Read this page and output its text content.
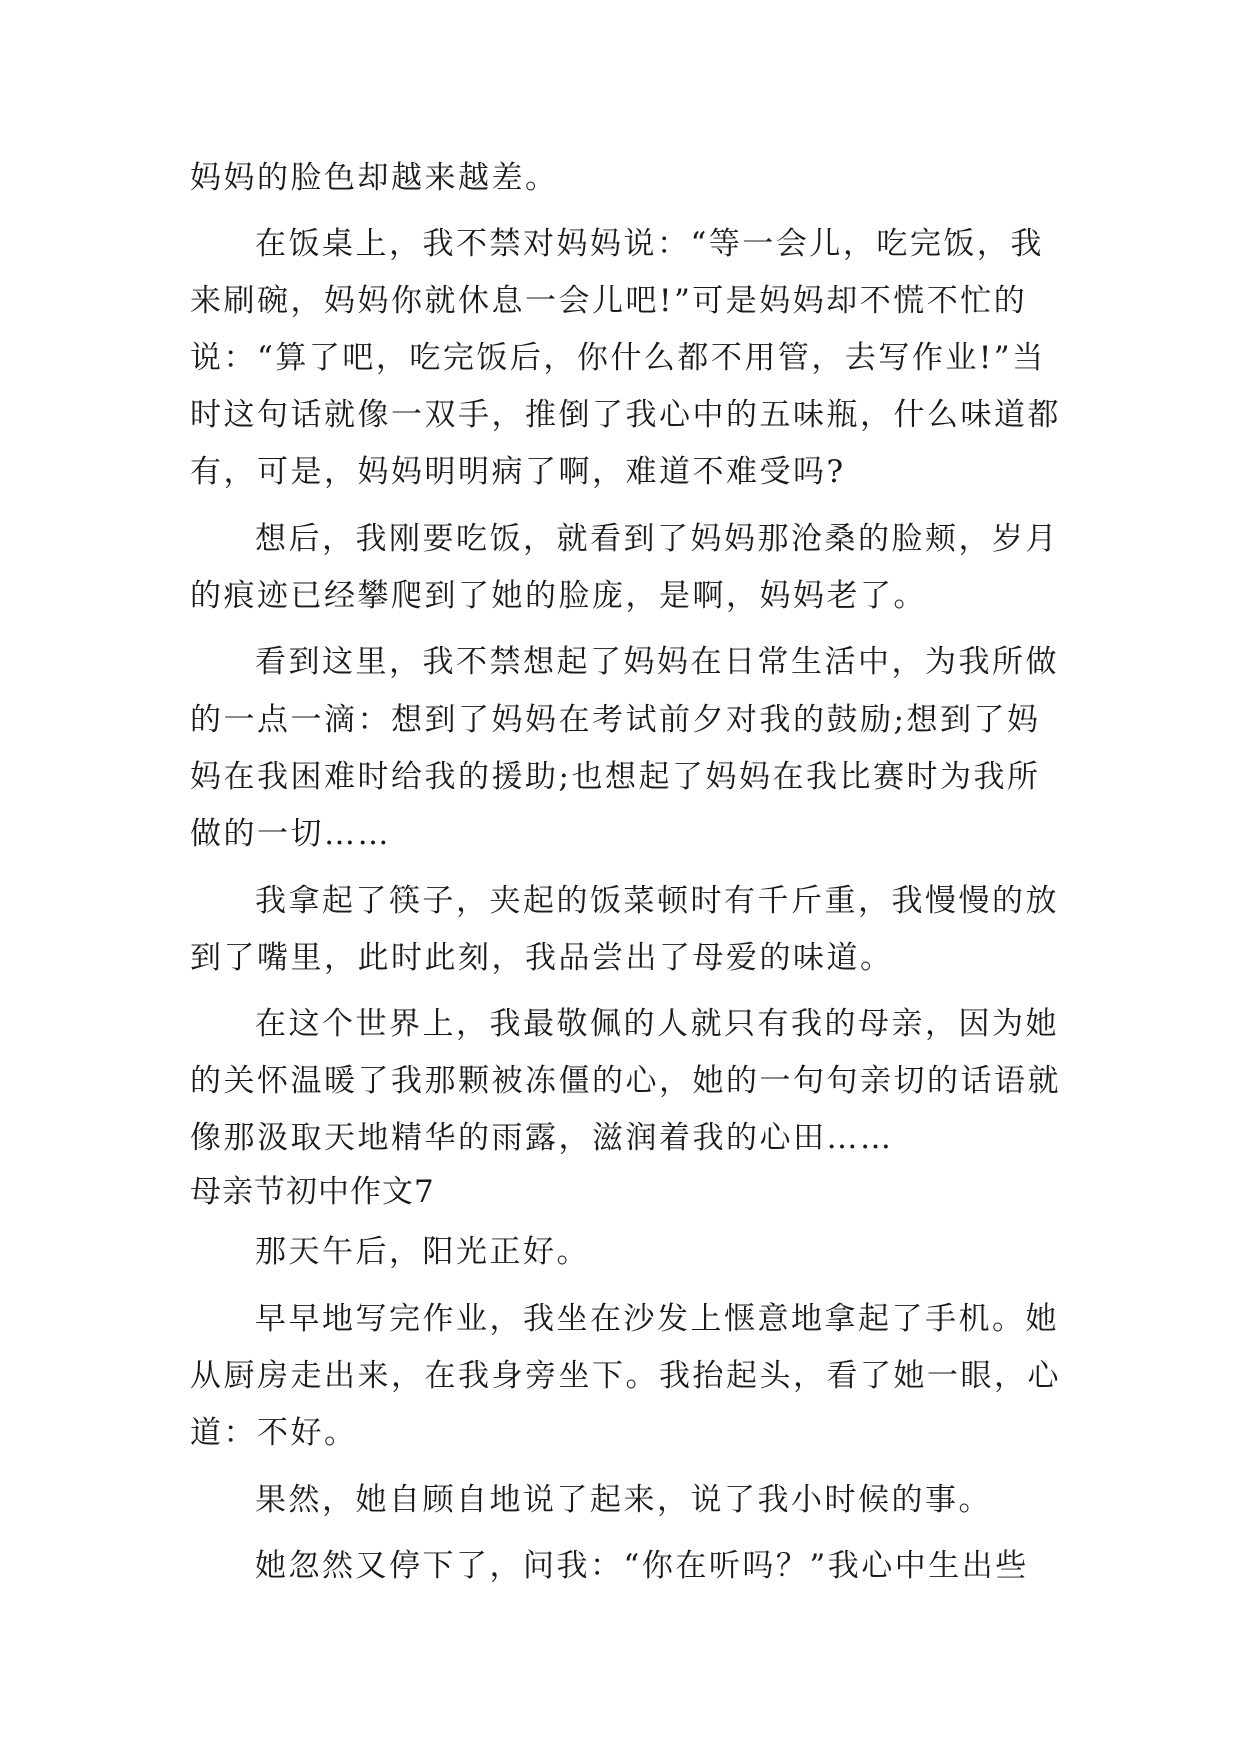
妈妈的脸色却越来越差。
在饭桌上，我不禁对妈妈说：“等一会儿，吃完饭，我
来刷碗，妈妈你就休息一会儿吧!”可是妈妈却不慌不忙的
说：“算了吧，吃完饭后，你什么都不用管，去写作业!”当
时这句话就像一双手，推倒了我心中的五味瓶，什么味道都
有，可是，妈妈明明病了啊，难道不难受吗?
想后，我刚要吃饭，就看到了妈妈那沧桑的脸颊，岁月
的痕迹已经攀爬到了她的脸庞，是啊，妈妈老了。
看到这里，我不禁想起了妈妈在日常生活中，为我所做
的一点一滴：想到了妈妈在考试前夕对我的鼓励;想到了妈
妈在我困难时给我的援助;也想起了妈妈在我比赛时为我所
做的一切……
我拿起了筷子，夹起的饭菜顿时有千斤重，我慢慢的放
到了嘴里，此时此刻，我品尝出了母爱的味道。
在这个世界上，我最敬佩的人就只有我的母亲，因为她
的关怀温暖了我那颗被冻僵的心，她的一句句亲切的话语就
像那汲取天地精华的雨露，滋润着我的心田……
母亲节初中作文7
那天午后，阳光正好。
早早地写完作业，我坐在沙发上惬意地拿起了手机。她
从厨房走出来，在我身旁坐下。我抬起头，看了她一眼，心
道：不好。
果然，她自顾自地说了起来，说了我小时候的事。
她忽然又停下了，问我：“你在听吗？”我心中生出些
